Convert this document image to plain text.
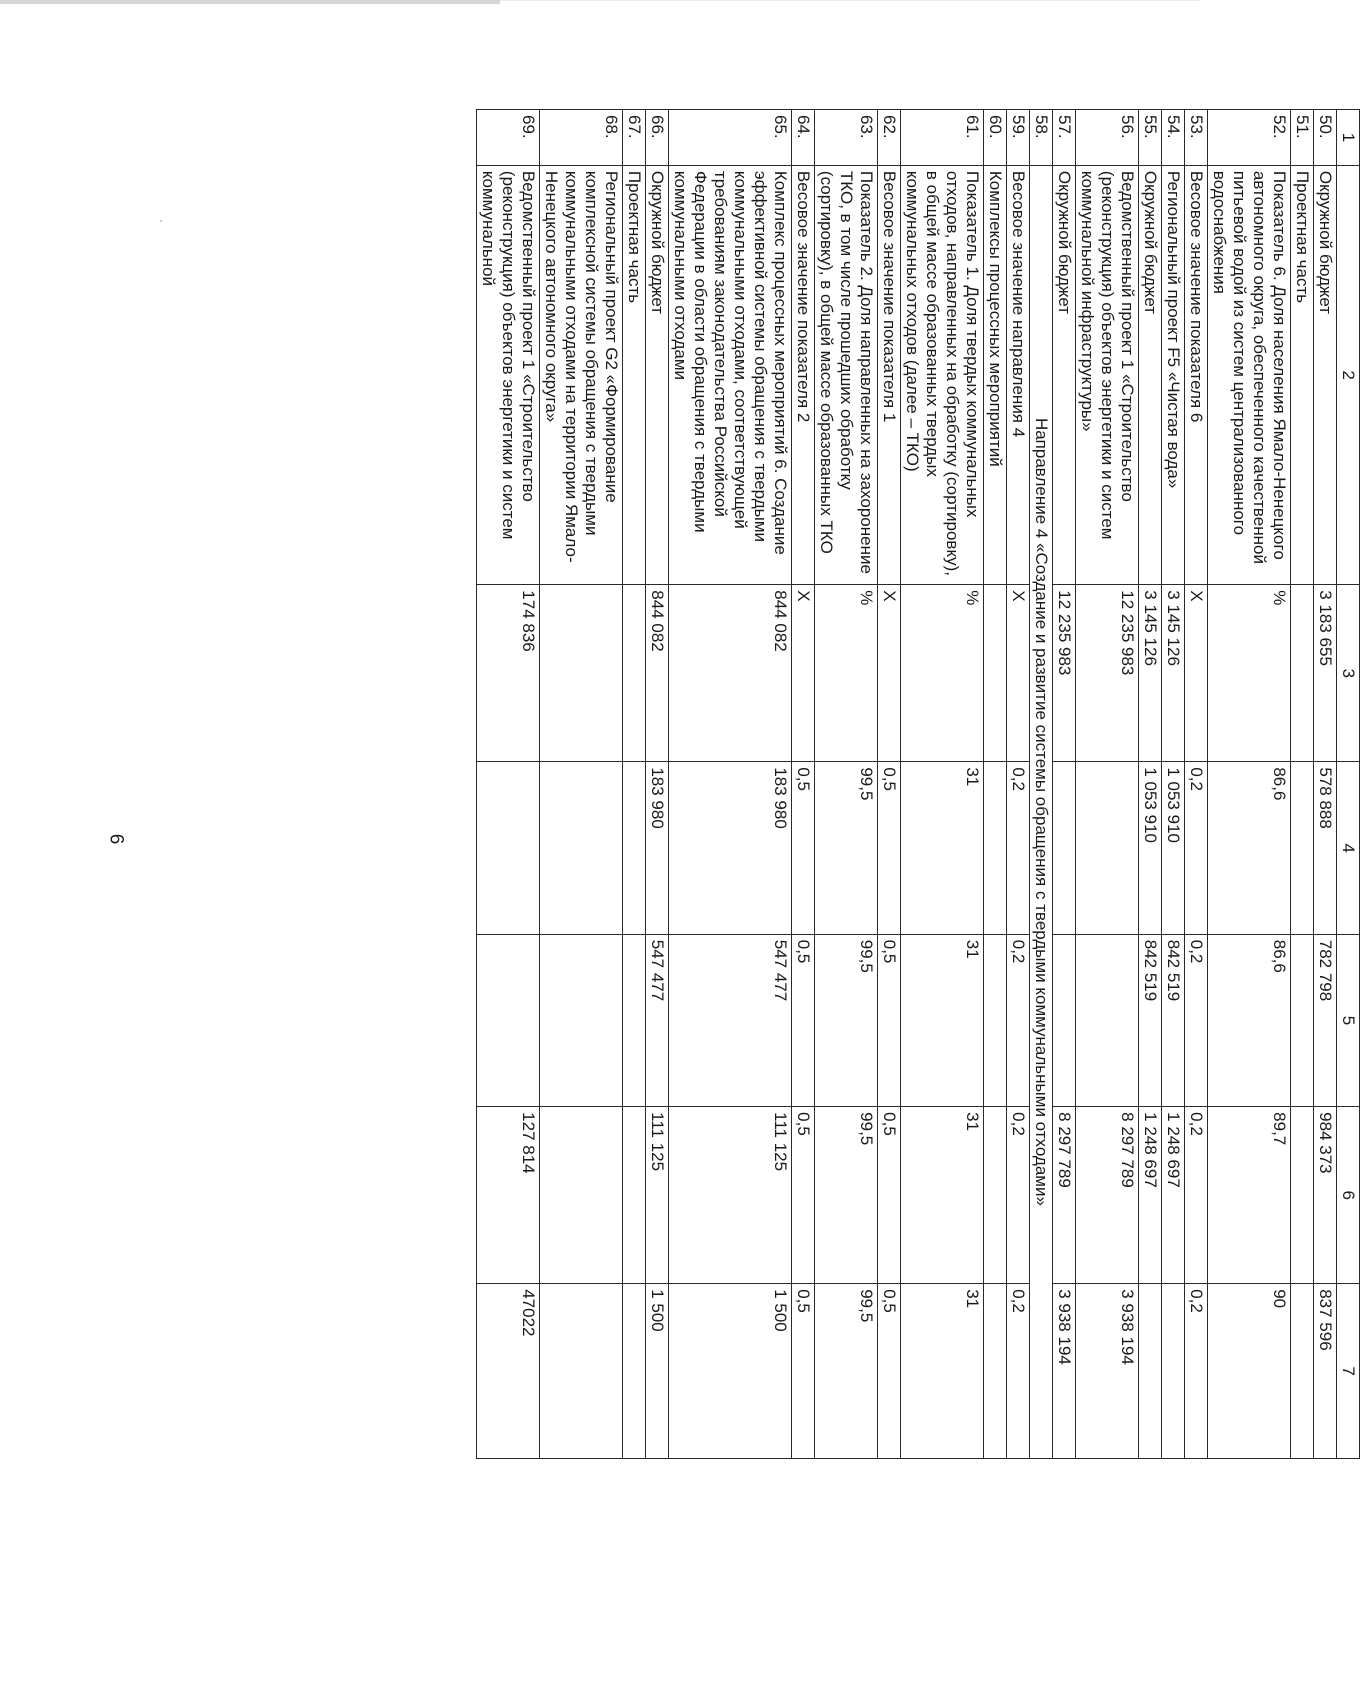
6
1	2	3	4	5	6	7
50.	Окружной бюджет	3 183 655	578 888	782 798	984 373	837 596
51.	Проектная часть					
52.	Показатель 6. Доля населения Ямало-Ненецкого автономного округа, обеспеченного качественной питьевой водой из систем централизованного водоснабжения	%	86,6	86,6	89,7	90
53.	Весовое значение показателя 6	X	0,2	0,2	0,2	0,2
54.	Региональный проект F5 «Чистая вода»	3 145 126	1 053 910	842 519	1 248 697	
55.	Окружной бюджет	3 145 126	1 053 910	842 519	1 248 697	
56.	Ведомственный проект 1 «Строительство (реконструкция) объектов энергетики и систем коммунальной инфраструктуры»	12 235 983			8 297 789	3 938 194
57.	Окружной бюджет	12 235 983			8 297 789	3 938 194
58.	Направление 4 «Создание и развитие системы обращения с твердыми коммунальными отходами»					
59.	Весовое значение направления 4	X	0,2	0,2	0,2	0,2
60.	Комплексы процессных мероприятий					
61.	Показатель 1. Доля твердых коммунальных отходов, направленных на обработку (сортировку), в общей массе образованных твердых коммунальных отходов (далее – ТКО)	%	31	31	31	31
62.	Весовое значение показателя 1	X	0,5	0,5	0,5	0,5
63.	Показатель 2. Доля направленных на захоронение ТКО, в том числе прошедших обработку (сортировку), в общей массе образованных ТКО	%	99,5	99,5	99,5	99,5
64.	Весовое значение показателя 2	X	0,5	0,5	0,5	0,5
65.	Комплекс процессных мероприятий 6. Создание эффективной системы обращения с твердыми коммунальными отходами, соответствующей требованиям законодательства Российской Федерации в области обращения с твердыми коммунальными отходами	844 082	183 980	547 477	111 125	1 500
66.	Окружной бюджет	844 082	183 980	547 477	111 125	1 500
67.	Проектная часть					
68.	Региональный проект G2 «Формирование комплексной системы обращения с твердыми коммунальными отходами на территории Ямало-Ненецкого автономного округа»					
69.	Ведомственный проект 1 «Строительство (реконструкция) объектов энергетики и систем коммунальной	174 836			127 814	47022
